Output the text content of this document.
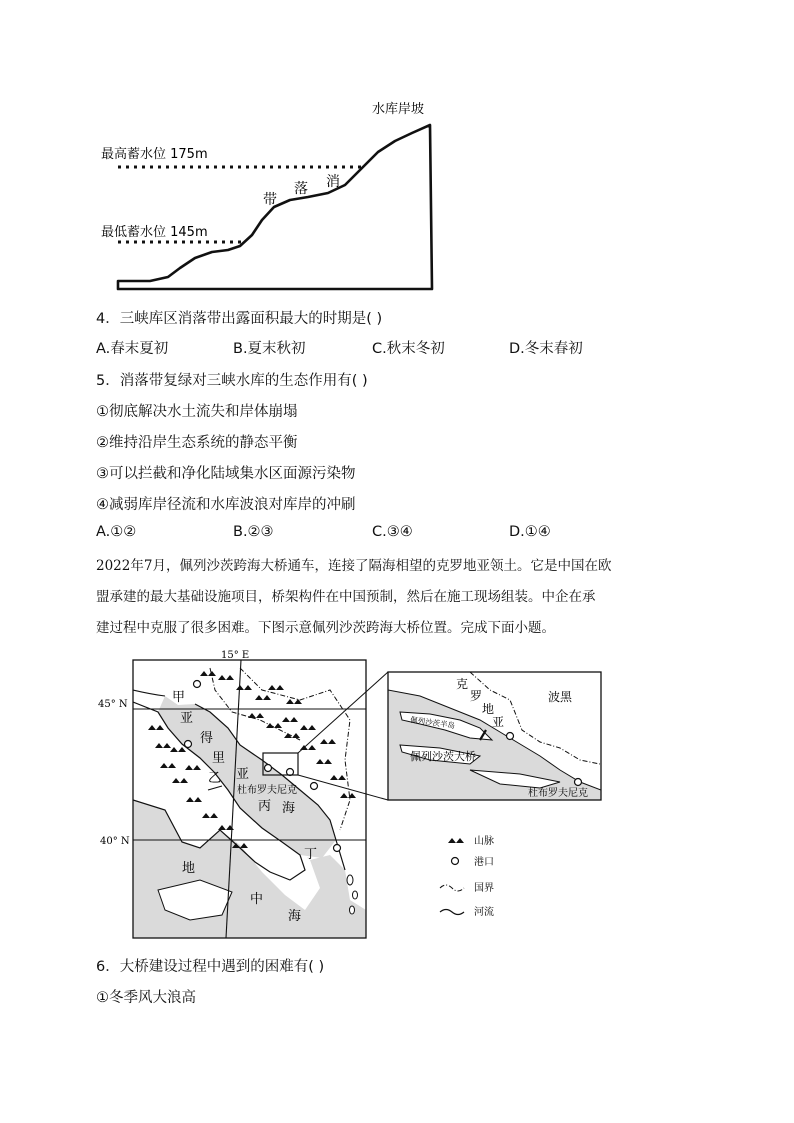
水库岸坡
最高蓄水位 175m
最低蓄水位 145m
带
落 消
4．三峡库区消落带出露面积最大的时期是( )
A.春末夏初	B.夏末秋初	C.秋末冬初	D.冬末春初
5．消落带复绿对三峡水库的生态作用有( )
①彻底解决水土流失和岸体崩塌
②维持沿岸生态系统的静态平衡
③可以拦截和净化陆域集水区面源污染物
④减弱库岸径流和水库波浪对库岸的冲刷
A.①②	B.②③	C.③④	D.①④
2022年7月，佩列沙茨跨海大桥通车，连接了隔海相望的克罗地亚领土。它是中国在欧
盟承建的最大基础设施项目，桥架构件在中国预制，然后在施工现场组装。中企在承
建过程中克服了很多困难。下图示意佩列沙茨跨海大桥位置。完成下面小题。
15° E
45° N
40° N
甲
亚
得
里
乙 亚
杜布罗夫尼克
丙 海
丁
地
中
海
克
罗
地
亚
波黑
佩列沙茨半岛
佩列沙茨大桥
杜布罗夫尼克
山脉
港口
国界
河流
6．大桥建设过程中遇到的困难有( )
①冬季风大浪高
